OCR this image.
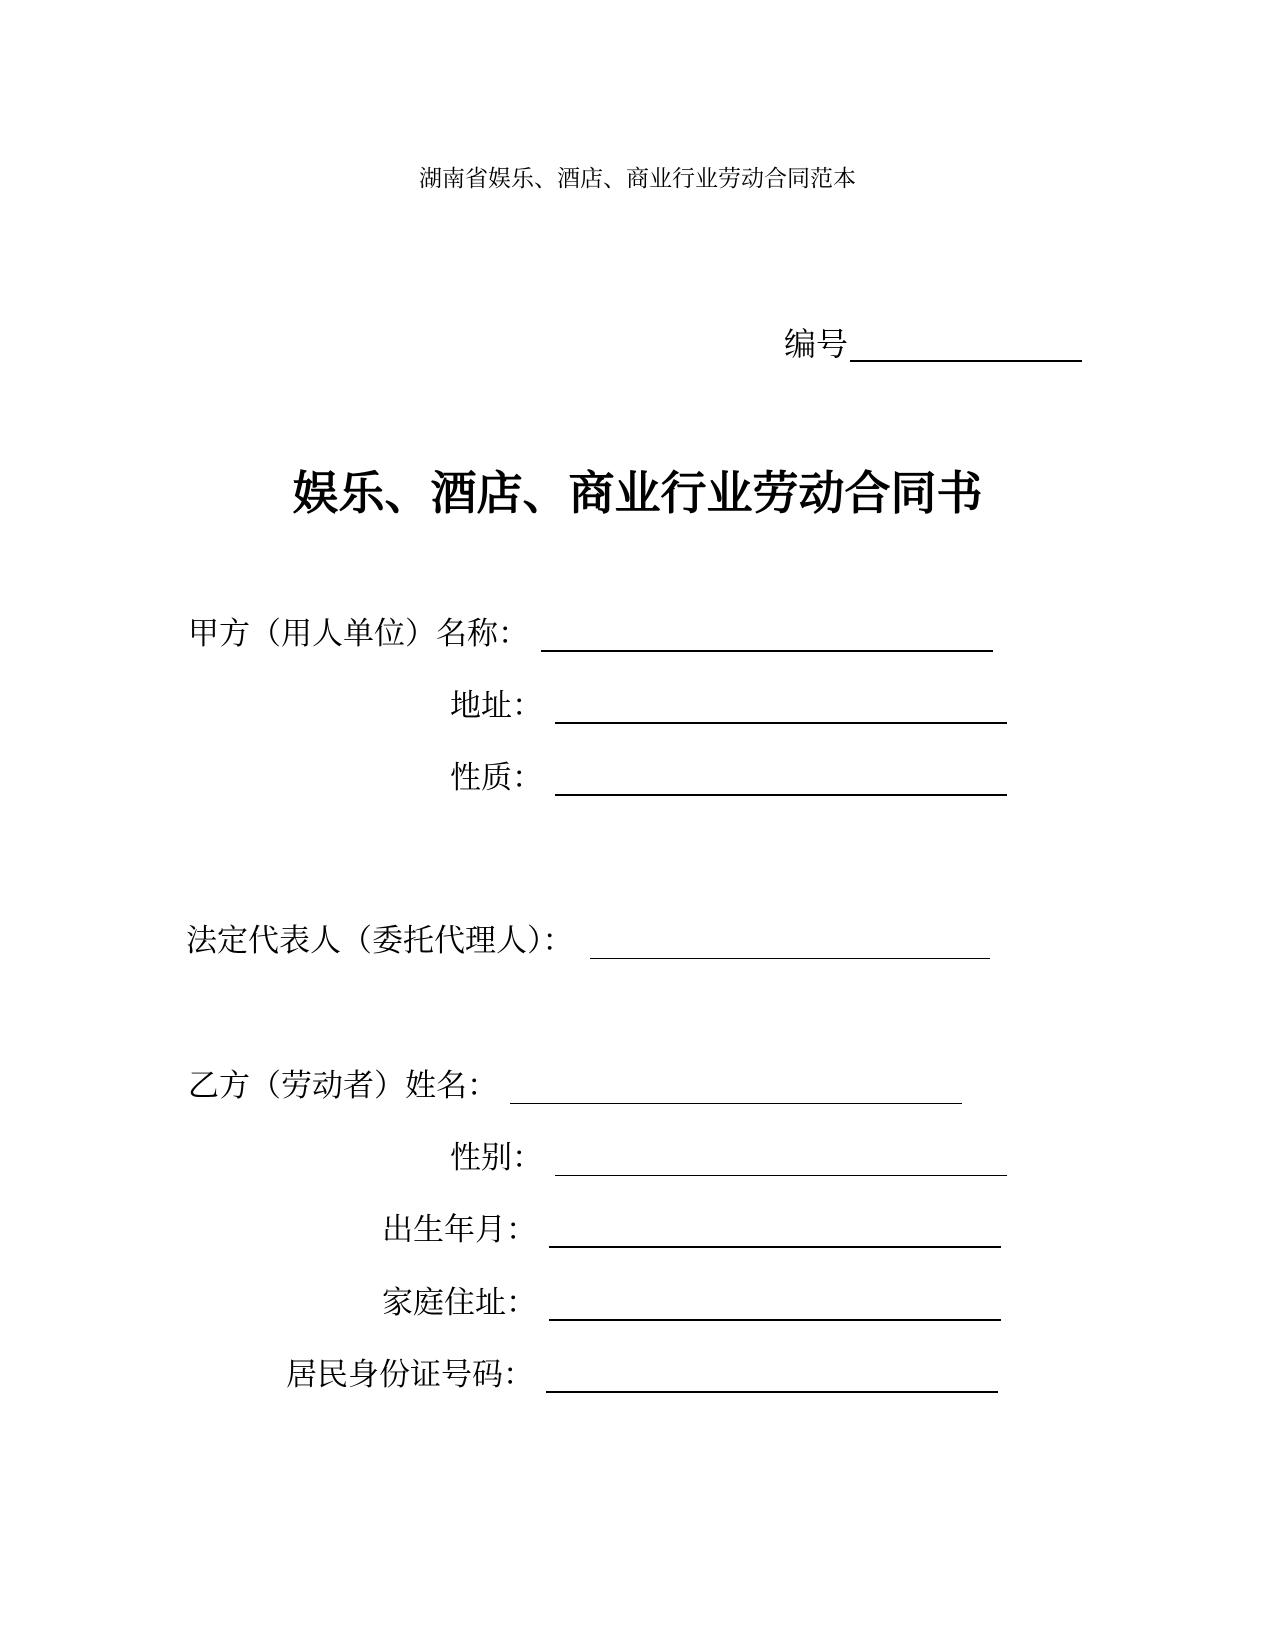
湖南省娱乐、酒店、商业行业劳动合同范本
编号
娱乐、酒店、商业行业劳动合同书
甲方（用人单位）名称：
地址：
性质：
法定代表人（委托代理人）：
乙方（劳动者）姓名：
性别：
出生年月：
家庭住址：
居民身份证号码：
